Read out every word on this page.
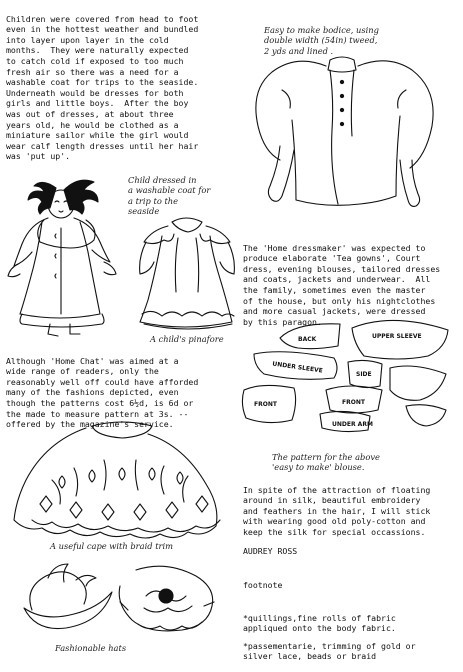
Children were covered from head to foot
even in the hottest weather and bundled
into layer upon layer in the cold
months.  They were naturally expected
to catch cold if exposed to too much
fresh air so there was a need for a
washable coat for trips to the seaside.
Underneath would be dresses for both
girls and little boys.  After the boy
was out of dresses, at about three
years old, he would be clothed as a
miniature sailor while the girl would
wear calf length dresses until her hair
was 'put up'.

Child dressed in
a washable coat for
a trip to the
seaside

A child's pinafore

Although 'Home Chat' was aimed at a
wide range of readers, only the
reasonably well off could have afforded
many of the fashions depicted, even
though the patterns cost 6½d, is 6d or
the made to measure pattern at 3s. --
offered by the magazine's service.

A useful cape with braid trim
Fashionable hats

Easy to make bodice, using
double width (54in) tweed,
2 yds and lined .

The 'Home dressmaker' was expected to
produce elaborate 'Tea gowns', Court
dress, evening blouses, tailored dresses
and coats, jackets and underwear.  All
the family, sometimes even the master
of the house, but only his nightclothes
and more casual jackets, were dressed
by this paragon.

BACK	UPPER SLEEVE
UNDER SLEEVE	SIDE
FRONT	FRONT
UNDER ARM

The pattern for the above
'easy to make' blouse.

In spite of the attraction of floating
around in silk, beautiful embroidery
and feathers in the hair, I will stick
with wearing good old poly-cotton and
keep the silk for special occassions.

AUDREY ROSS
footnote

*quillings,fine rolls of fabric
appliqued onto the body fabric.

*passementarie, trimming of gold or
silver lace, beads or braid
